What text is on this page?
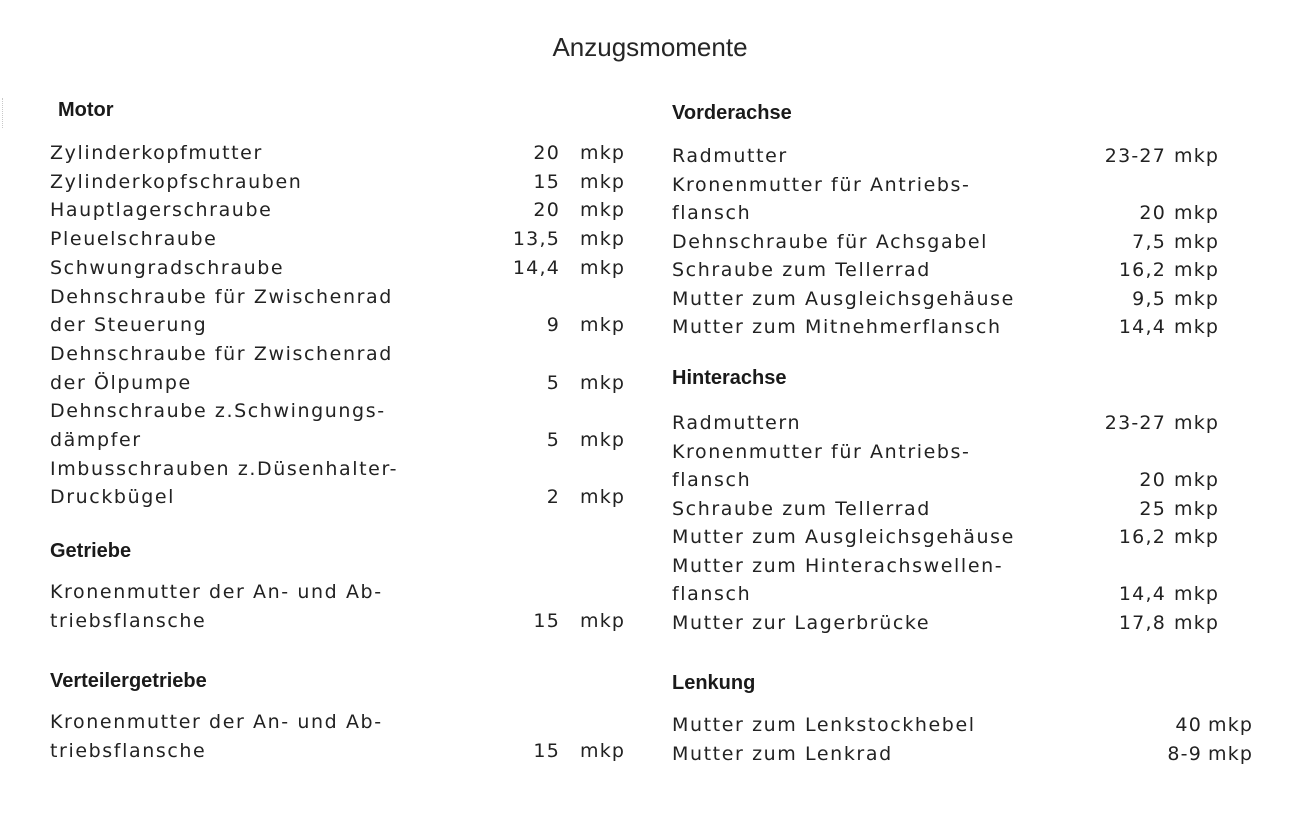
Anzugsmomente
Motor
Zylinderkopfmutter	20 mkp
Zylinderkopfschrauben	15 mkp
Hauptlagerschraube	20 mkp
Pleuelschraube	13,5 mkp
Schwungradschraube	14,4 mkp
Dehnschraube für Zwischenrad
der Steuerung	9 mkp
Dehnschraube für Zwischenrad
der Ölpumpe	5 mkp
Dehnschraube z.Schwingungs-
dämpfer	5 mkp
Imbusschrauben z.Düsenhalter-
Druckbügel	2 mkp
Getriebe
Kronenmutter der An- und Ab-
triebsflansche	15 mkp
Verteilergetriebe
Kronenmutter der An- und Ab-
triebsflansche	15 mkp
Vorderachse
Radmutter	23-27 mkp
Kronenmutter für Antriebs-
flansch	20 mkp
Dehnschraube für Achsgabel	7,5 mkp
Schraube zum Tellerrad	16,2 mkp
Mutter zum Ausgleichsgehäuse	9,5 mkp
Mutter zum Mitnehmerflansch	14,4 mkp
Hinterachse
Radmuttern	23-27 mkp
Kronenmutter für Antriebs-
flansch	20 mkp
Schraube zum Tellerrad	25 mkp
Mutter zum Ausgleichsgehäuse	16,2 mkp
Mutter zum Hinterachswellen-
flansch	14,4 mkp
Mutter zur Lagerbrücke	17,8 mkp
Lenkung
Mutter zum Lenkstockhebel	40 mkp
Mutter zum Lenkrad	8-9 mkp
